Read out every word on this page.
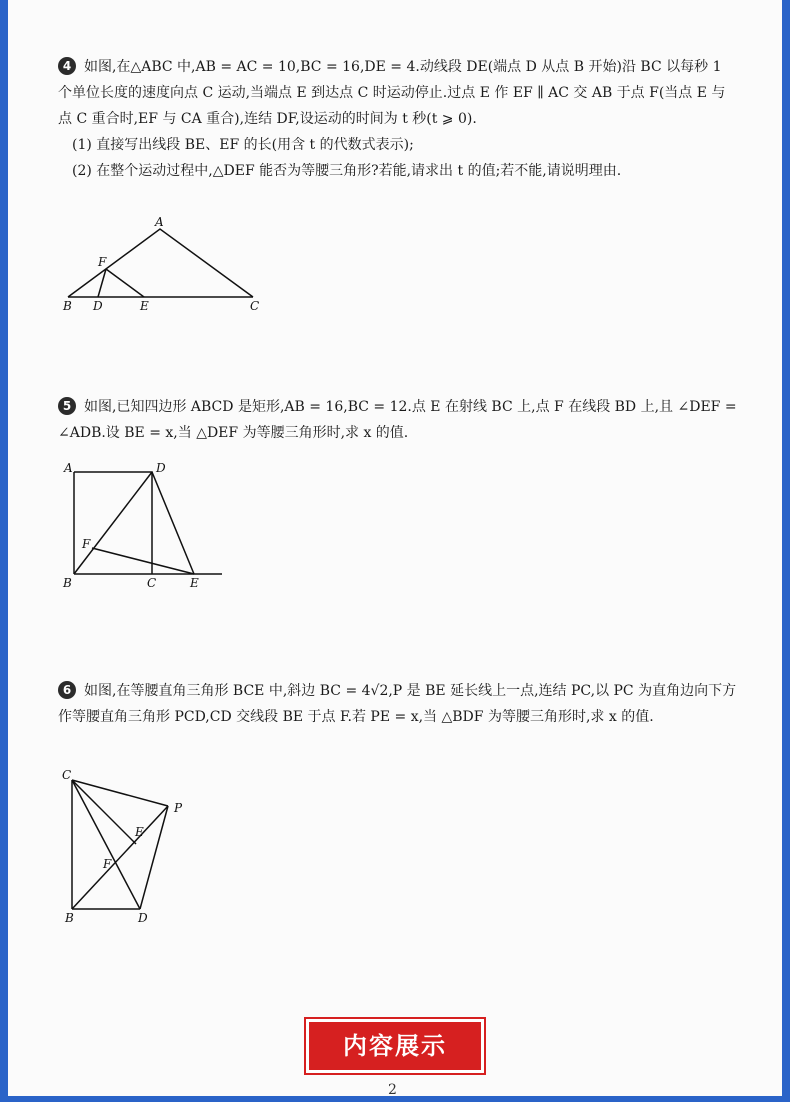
4 如图,在△ABC 中,AB = AC = 10,BC = 16,DE = 4.动线段 DE(端点 D 从点 B 开始)沿 BC 以每秒 1 个单位长度的速度向点 C 运动,当端点 E 到达点 C 时运动停止.过点 E 作 EF ∥ AC 交 AB 于点 F(当点 E 与点 C 重合时,EF 与 CA 重合),连结 DF,设运动的时间为 t 秒(t ⩾ 0).
(1) 直接写出线段 BE、EF 的长(用含 t 的代数式表示);
(2) 在整个运动过程中,△DEF 能否为等腰三角形?若能,请求出 t 的值;若不能,请说明理由.
A
F
B D	E	C
5 如图,已知四边形 ABCD 是矩形,AB = 16,BC = 12.点 E 在射线 BC 上,点 F 在线段 BD 上,且 ∠DEF = ∠ADB.设 BE = x,当 △DEF 为等腰三角形时,求 x 的值.
A	D
F
B	C	E
6 如图,在等腰直角三角形 BCE 中,斜边 BC = 4√2,P 是 BE 延长线上一点,连结 PC,以 PC 为直角边向下方作等腰直角三角形 PCD,CD 交线段 BE 于点 F.若 PE = x,当 △BDF 为等腰三角形时,求 x 的值.
C
P
E
F
B	D
内容展示
2
